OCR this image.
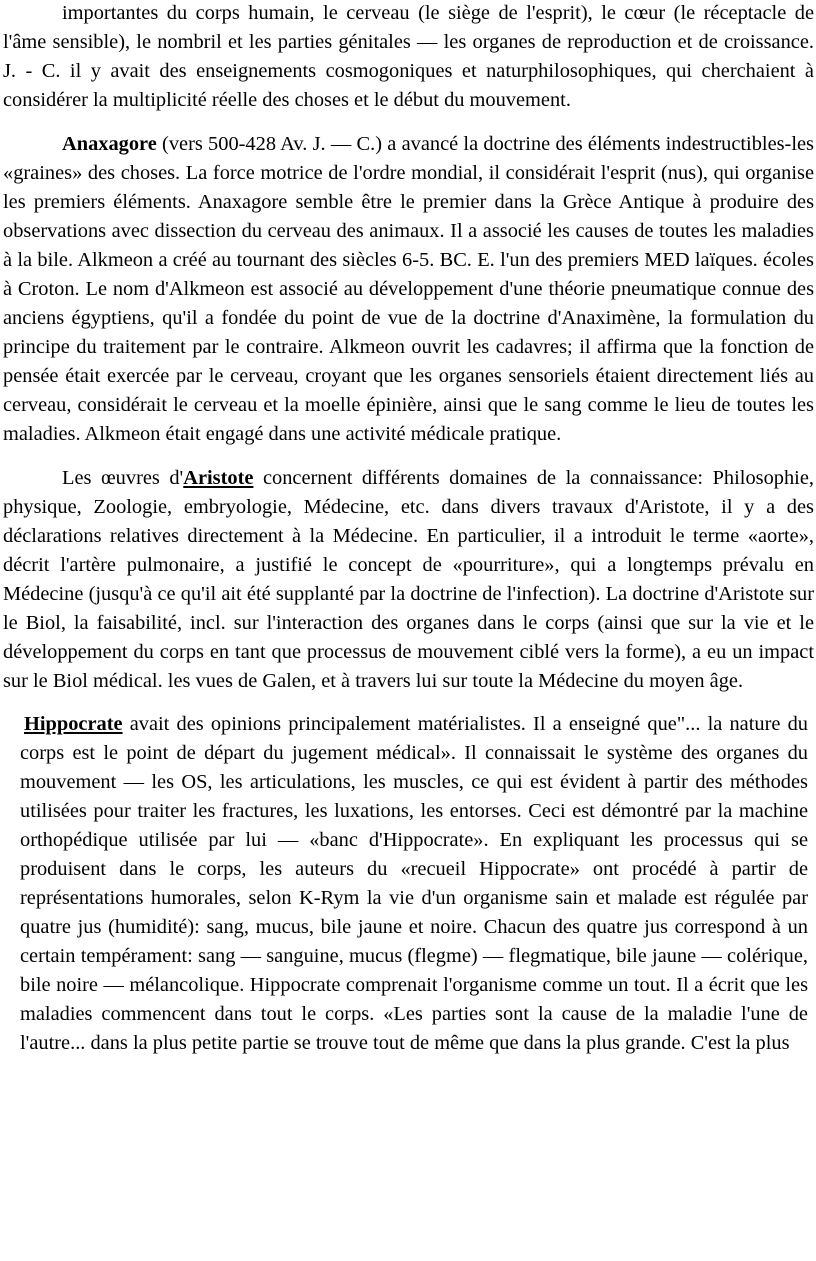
importantes du corps humain, le cerveau (le siège de l'esprit), le cœur (le réceptacle de l'âme sensible), le nombril et les parties génitales — les organes de reproduction et de croissance. J. - C. il y avait des enseignements cosmogoniques et naturphilosophiques, qui cherchaient à considérer la multiplicité réelle des choses et le début du mouvement.

Anaxagore (vers 500-428 Av. J. — C.) a avancé la doctrine des éléments indestructibles-les «graines» des choses. La force motrice de l'ordre mondial, il considérait l'esprit (nus), qui organise les premiers éléments. Anaxagore semble être le premier dans la Grèce Antique à produire des observations avec dissection du cerveau des animaux. Il a associé les causes de toutes les maladies à la bile. Alkmeon a créé au tournant des siècles 6-5. BC. E. l'un des premiers MED laïques. écoles à Croton. Le nom d'Alkmeon est associé au développement d'une théorie pneumatique connue des anciens égyptiens, qu'il a fondée du point de vue de la doctrine d'Anaximène, la formulation du principe du traitement par le contraire. Alkmeon ouvrit les cadavres; il affirma que la fonction de pensée était exercée par le cerveau, croyant que les organes sensoriels étaient directement liés au cerveau, considérait le cerveau et la moelle épinière, ainsi que le sang comme le lieu de toutes les maladies. Alkmeon était engagé dans une activité médicale pratique.

Les œuvres d'Aristote concernent différents domaines de la connaissance: Philosophie, physique, Zoologie, embryologie, Médecine, etc. dans divers travaux d'Aristote, il y a des déclarations relatives directement à la Médecine. En particulier, il a introduit le terme «aorte», décrit l'artère pulmonaire, a justifié le concept de «pourriture», qui a longtemps prévalu en Médecine (jusqu'à ce qu'il ait été supplanté par la doctrine de l'infection). La doctrine d'Aristote sur le Biol, la faisabilité, incl. sur l'interaction des organes dans le corps (ainsi que sur la vie et le développement du corps en tant que processus de mouvement ciblé vers la forme), a eu un impact sur le Biol médical. les vues de Galen, et à travers lui sur toute la Médecine du moyen âge.

Hippocrate avait des opinions principalement matérialistes. Il a enseigné que"... la nature du corps est le point de départ du jugement médical». Il connaissait le système des organes du mouvement — les OS, les articulations, les muscles, ce qui est évident à partir des méthodes utilisées pour traiter les fractures, les luxations, les entorses. Ceci est démontré par la machine orthopédique utilisée par lui — «banc d'Hippocrate». En expliquant les processus qui se produisent dans le corps, les auteurs du «recueil Hippocrate» ont procédé à partir de représentations humorales, selon K-Rym la vie d'un organisme sain et malade est régulée par quatre jus (humidité): sang, mucus, bile jaune et noire. Chacun des quatre jus correspond à un certain tempérament: sang — sanguine, mucus (flegme) — flegmatique, bile jaune — colérique, bile noire — mélancolique. Hippocrate comprenait l'organisme comme un tout. Il a écrit que les maladies commencent dans tout le corps. «Les parties sont la cause de la maladie l'une de l'autre... dans la plus petite partie se trouve tout de même que dans la plus grande. C'est la plus
